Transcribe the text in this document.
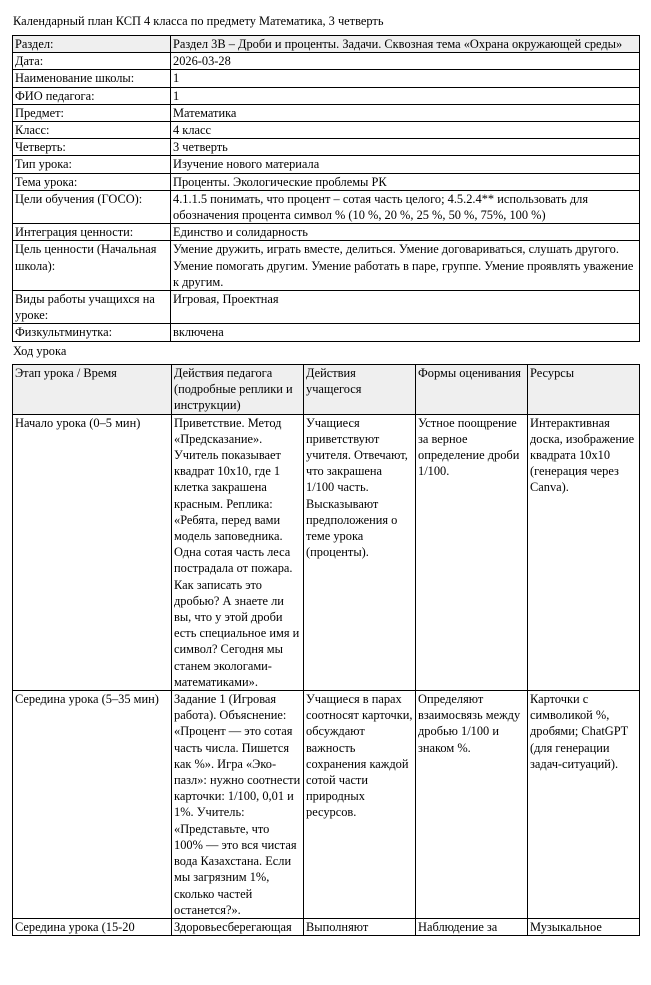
Календарный план КСП 4 класса по предмету Математика, 3 четверть
Раздел:	Раздел 3В – Дроби и проценты. Задачи. Сквозная тема «Охрана окружающей среды»
Дата:	2026-03-28
Наименование школы:	1
ФИО педагога:	1
Предмет:	Математика
Класс:	4 класс
Четверть:	3 четверть
Тип урока:	Изучение нового материала
Тема урока:	Проценты. Экологические проблемы РК
Цели обучения (ГОСО):	4.1.1.5 понимать, что процент – сотая часть целого; 4.5.2.4** использовать для обозначения процента символ % (10 %, 20 %, 25 %, 50 %, 75%, 100 %)
Интеграция ценности:	Единство и солидарность
Цель ценности (Начальная школа):	Умение дружить, играть вместе, делиться. Умение договариваться, слушать другого. Умение помогать другим. Умение работать в паре, группе. Умение проявлять уважение к другим.
Виды работы учащихся на уроке:	Игровая, Проектная
Физкультминутка:	включена
Ход урока
Этап урока / Время	Действия педагога (подробные реплики и инструкции)	Действия учащегося	Формы оценивания	Ресурсы
Начало урока (0–5 мин)	Приветствие. Метод «Предсказание». Учитель показывает квадрат 10х10, где 1 клетка закрашена красным. Реплика: «Ребята, перед вами модель заповедника. Одна сотая часть леса пострадала от пожара. Как записать это дробью? А знаете ли вы, что у этой дроби есть специальное имя и символ? Сегодня мы станем экологами-математиками».	Учащиеся приветствуют учителя. Отвечают, что закрашена 1/100 часть. Высказывают предположения о теме урока (проценты).	Устное поощрение за верное определение дроби 1/100.	Интерактивная доска, изображение квадрата 10х10 (генерация через Canva).
Середина урока (5–35 мин)	Задание 1 (Игровая работа). Объяснение: «Процент — это сотая часть числа. Пишется как %». Игра «Эко-пазл»: нужно соотнести карточки: 1/100, 0,01 и 1%. Учитель: «Представьте, что 100% — это вся чистая вода Казахстана. Если мы загрязним 1%, сколько частей останется?».	Учащиеся в парах соотносят карточки, обсуждают важность сохранения каждой сотой части природных ресурсов.	Определяют взаимосвязь между дробью 1/100 и знаком %.	Карточки с символикой %, дробями; ChatGPT (для генерации задач-ситуаций).
Середина урока (15-20	Здоровьесберегающая	Выполняют	Наблюдение за	Музыкальное
